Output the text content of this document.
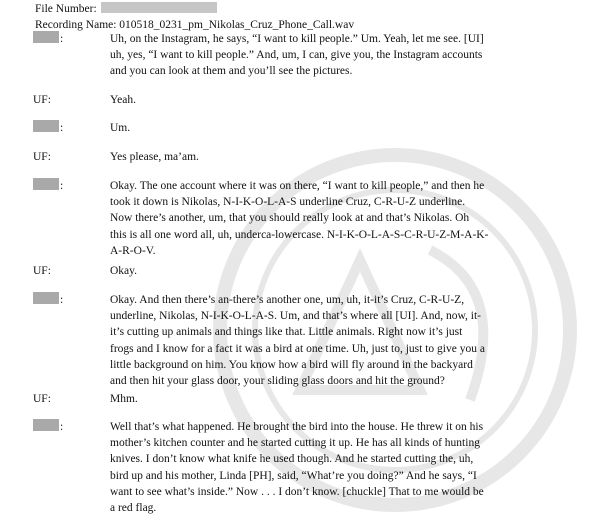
File Number:
Recording Name: 010518_0231_pm_Nikolas_Cruz_Phone_Call.wav
:	Uh, on the Instagram, he says, “I want to kill people.” Um. Yeah, let me see. [UI]
uh, yes, “I want to kill people.” And, um, I can, give you, the Instagram accounts
and you can look at them and you’ll see the pictures.
UF:	Yeah.
:	Um.
UF:	Yes please, ma’am.
:	Okay. The one account where it was on there, “I want to kill people,” and then he
took it down is Nikolas, N-I-K-O-L-A-S underline Cruz, C-R-U-Z underline.
Now there’s another, um, that you should really look at and that’s Nikolas. Oh
this is all one word all, uh, underca-lowercase. N-I-K-O-L-A-S-C-R-U-Z-M-A-K-
A-R-O-V.
UF:	Okay.
:	Okay. And then there’s an-there’s another one, um, uh, it-it’s Cruz, C-R-U-Z,
underline, Nikolas, N-I-K-O-L-A-S. Um, and that’s where all [UI]. And, now, it-
it’s cutting up animals and things like that. Little animals. Right now it’s just
frogs and I know for a fact it was a bird at one time. Uh, just to, just to give you a
little background on him. You know how a bird will fly around in the backyard
and then hit your glass door, your sliding glass doors and hit the ground?
UF:	Mhm.
:	Well that’s what happened. He brought the bird into the house. He threw it on his
mother’s kitchen counter and he started cutting it up. He has all kinds of hunting
knives. I don’t know what knife he used though. And he started cutting the, uh,
bird up and his mother, Linda [PH], said, “What’re you doing?” And he says, “I
want to see what’s inside.” Now . . . I don’t know. [chuckle] That to me would be
a red flag.
